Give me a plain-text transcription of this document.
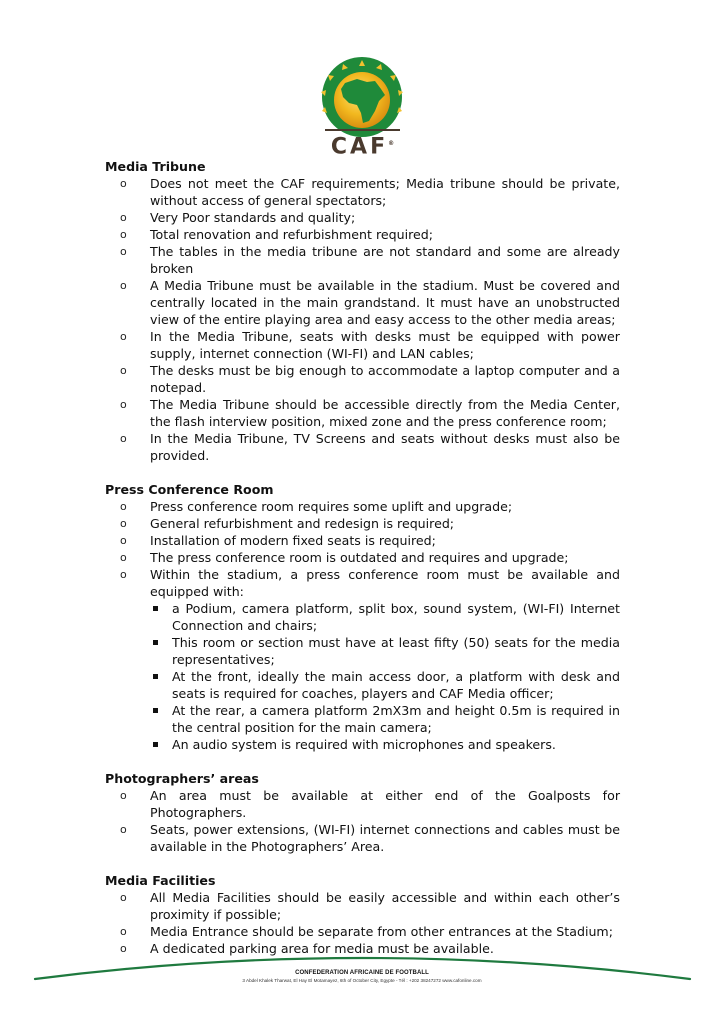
CAF®
Media Tribune
o Does not meet the CAF requirements; Media tribune should be private, without access of general spectators;
o Very Poor standards and quality;
o Total renovation and refurbishment required;
o The tables in the media tribune are not standard and some are already broken
o A Media Tribune must be available in the stadium. Must be covered and centrally located in the main grandstand. It must have an unobstructed view of the entire playing area and easy access to the other media areas;
o In the Media Tribune, seats with desks must be equipped with power supply, internet connection (WI-FI) and LAN cables;
o The desks must be big enough to accommodate a laptop computer and a notepad.
o The Media Tribune should be accessible directly from the Media Center, the flash interview position, mixed zone and the press conference room;
o In the Media Tribune, TV Screens and seats without desks must also be provided.
Press Conference Room
o Press conference room requires some uplift and upgrade;
o General refurbishment and redesign is required;
o Installation of modern fixed seats is required;
o The press conference room is outdated and requires and upgrade;
o Within the stadium, a press conference room must be available and equipped with:
a Podium, camera platform, split box, sound system, (WI-FI) Internet Connection and chairs;
This room or section must have at least fifty (50) seats for the media representatives;
At the front, ideally the main access door, a platform with desk and seats is required for coaches, players and CAF Media officer;
At the rear, a camera platform 2mX3m and height 0.5m is required in the central position for the main camera;
An audio system is required with microphones and speakers.
Photographers’ areas
o An area must be available at either end of the Goalposts for Photographers.
o Seats, power extensions, (WI-FI) internet connections and cables must be available in the Photographers’ Area.
Media Facilities
o All Media Facilities should be easily accessible and within each other’s proximity if possible;
o Media Entrance should be separate from other entrances at the Stadium;
o A dedicated parking area for media must be available.
CONFEDERATION AFRICAINE DE FOOTBALL
3 Abdel Khalek Tharwat, El Hay El Motamayez, 6th of October City, Egypte - Tél : +202 38247272 www.cafonline.com
